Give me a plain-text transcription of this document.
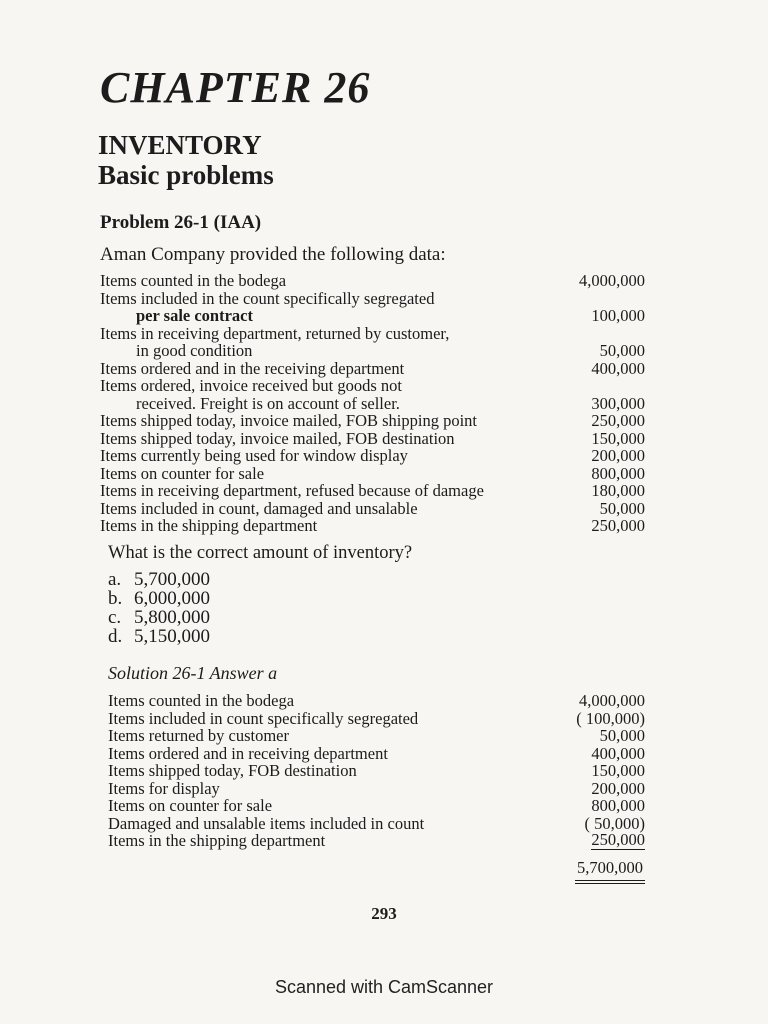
CHAPTER 26
INVENTORY
Basic problems
Problem 26-1 (IAA)
Aman Company provided the following data:
Items counted in the bodega	4,000,000
Items included in the count specifically segregated
per sale contract	100,000
Items in receiving department, returned by customer,
in good condition	50,000
Items ordered and in the receiving department	400,000
Items ordered, invoice received but goods not
received. Freight is on account of seller.	300,000
Items shipped today, invoice mailed, FOB shipping point	250,000
Items shipped today, invoice mailed, FOB destination	150,000
Items currently being used for window display	200,000
Items on counter for sale	800,000
Items in receiving department, refused because of damage	180,000
Items included in count, damaged and unsalable	50,000
Items in the shipping department	250,000
What is the correct amount of inventory?
a. 5,700,000
b. 6,000,000
c. 5,800,000
d. 5,150,000
Solution 26-1 Answer a
Items counted in the bodega	4,000,000
Items included in count specifically segregated	( 100,000)
Items returned by customer	50,000
Items ordered and in receiving department	400,000
Items shipped today, FOB destination	150,000
Items for display	200,000
Items on counter for sale	800,000
Damaged and unsalable items included in count	( 50,000)
Items in the shipping department	250,000
5,700,000
293
Scanned with CamScanner
